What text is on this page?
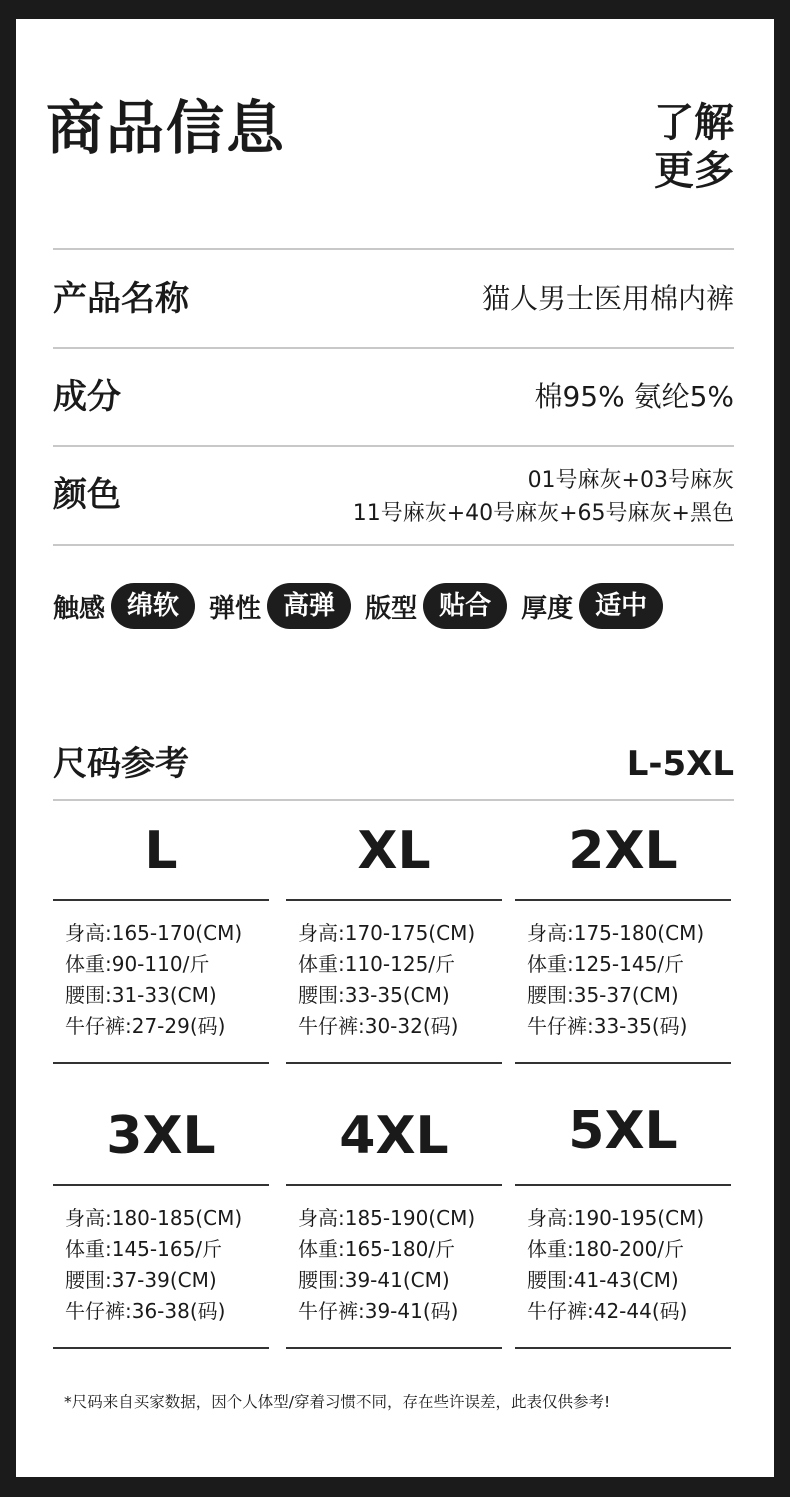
商品信息	了解
更多
产品名称	猫人男士医用棉内裤
成分	棉95% 氨纶5%
颜色	01号麻灰+03号麻灰
11号麻灰+40号麻灰+65号麻灰+黑色
触感 绵软	弹性 高弹	版型 贴合	厚度 适中
尺码参考	L-5XL
L	XL	2XL
身高:165-170(CM)
体重:90-110/斤
腰围:31-33(CM)
牛仔裤:27-29(码)
身高:170-175(CM)
体重:110-125/斤
腰围:33-35(CM)
牛仔裤:30-32(码)
身高:175-180(CM)
体重:125-145/斤
腰围:35-37(CM)
牛仔裤:33-35(码)
3XL	4XL	5XL
身高:180-185(CM)
体重:145-165/斤
腰围:37-39(CM)
牛仔裤:36-38(码)
身高:185-190(CM)
体重:165-180/斤
腰围:39-41(CM)
牛仔裤:39-41(码)
身高:190-195(CM)
体重:180-200/斤
腰围:41-43(CM)
牛仔裤:42-44(码)
*尺码来自买家数据，因个人体型/穿着习惯不同，存在些许误差，此表仅供参考!
